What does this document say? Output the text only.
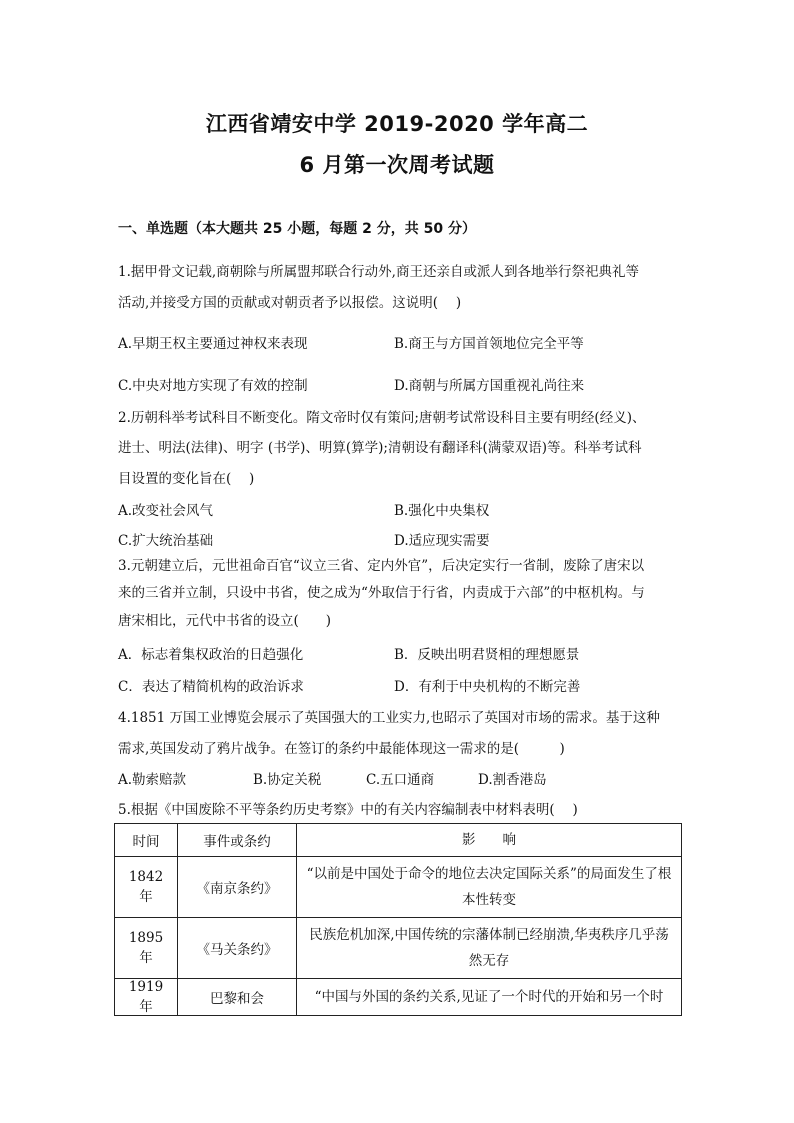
江西省靖安中学 2019-2020 学年高二
6 月第一次周考试题
一、单选题（本大题共 25 小题，每题 2 分，共 50 分）
1.据甲骨文记载,商朝除与所属盟邦联合行动外,商王还亲自或派人到各地举行祭祀典礼等
活动,并接受方国的贡献或对朝贡者予以报偿。这说明(　 )
A.早期王权主要通过神权来表现	B.商王与方国首领地位完全平等
C.中央对地方实现了有效的控制	D.商朝与所属方国重视礼尚往来
2.历朝科举考试科目不断变化。隋文帝时仅有策问;唐朝考试常设科目主要有明经(经义)、
进士、明法(法律)、明字 (书学)、明算(算学);清朝设有翻译科(满蒙双语)等。科举考试科
目设置的变化旨在(　 )
A.改变社会风气	B.强化中央集权
C.扩大统治基础	D.适应现实需要
3.元朝建立后，元世祖命百官“议立三省、定内外官”，后决定实行一省制，废除了唐宋以
来的三省并立制，只设中书省，使之成为“外取信于行省，内责成于六部”的中枢机构。与
唐宋相比，元代中书省的设立(　　)
A．标志着集权政治的日趋强化	B．反映出明君贤相的理想愿景
C．表达了精简机构的政治诉求	D．有利于中央机构的不断完善
4.1851 万国工业博览会展示了英国强大的工业实力,也昭示了英国对市场的需求。基于这种
需求,英国发动了鸦片战争。在签订的条约中最能体现这一需求的是(　　　)
A.勒索赔款	B.协定关税	C.五口通商	D.割香港岛
5.根据《中国废除不平等条约历史考察》中的有关内容编制表中材料表明(　 )
时间	事件或条约	影　　响
1842 年	《南京条约》	“以前是中国处于命令的地位去决定国际关系”的局面发生了根本性转变
1895 年	《马关条约》	民族危机加深,中国传统的宗藩体制已经崩溃,华夷秩序几乎荡然无存
1919 年	巴黎和会	“中国与外国的条约关系,见证了一个时代的开始和另一个时
